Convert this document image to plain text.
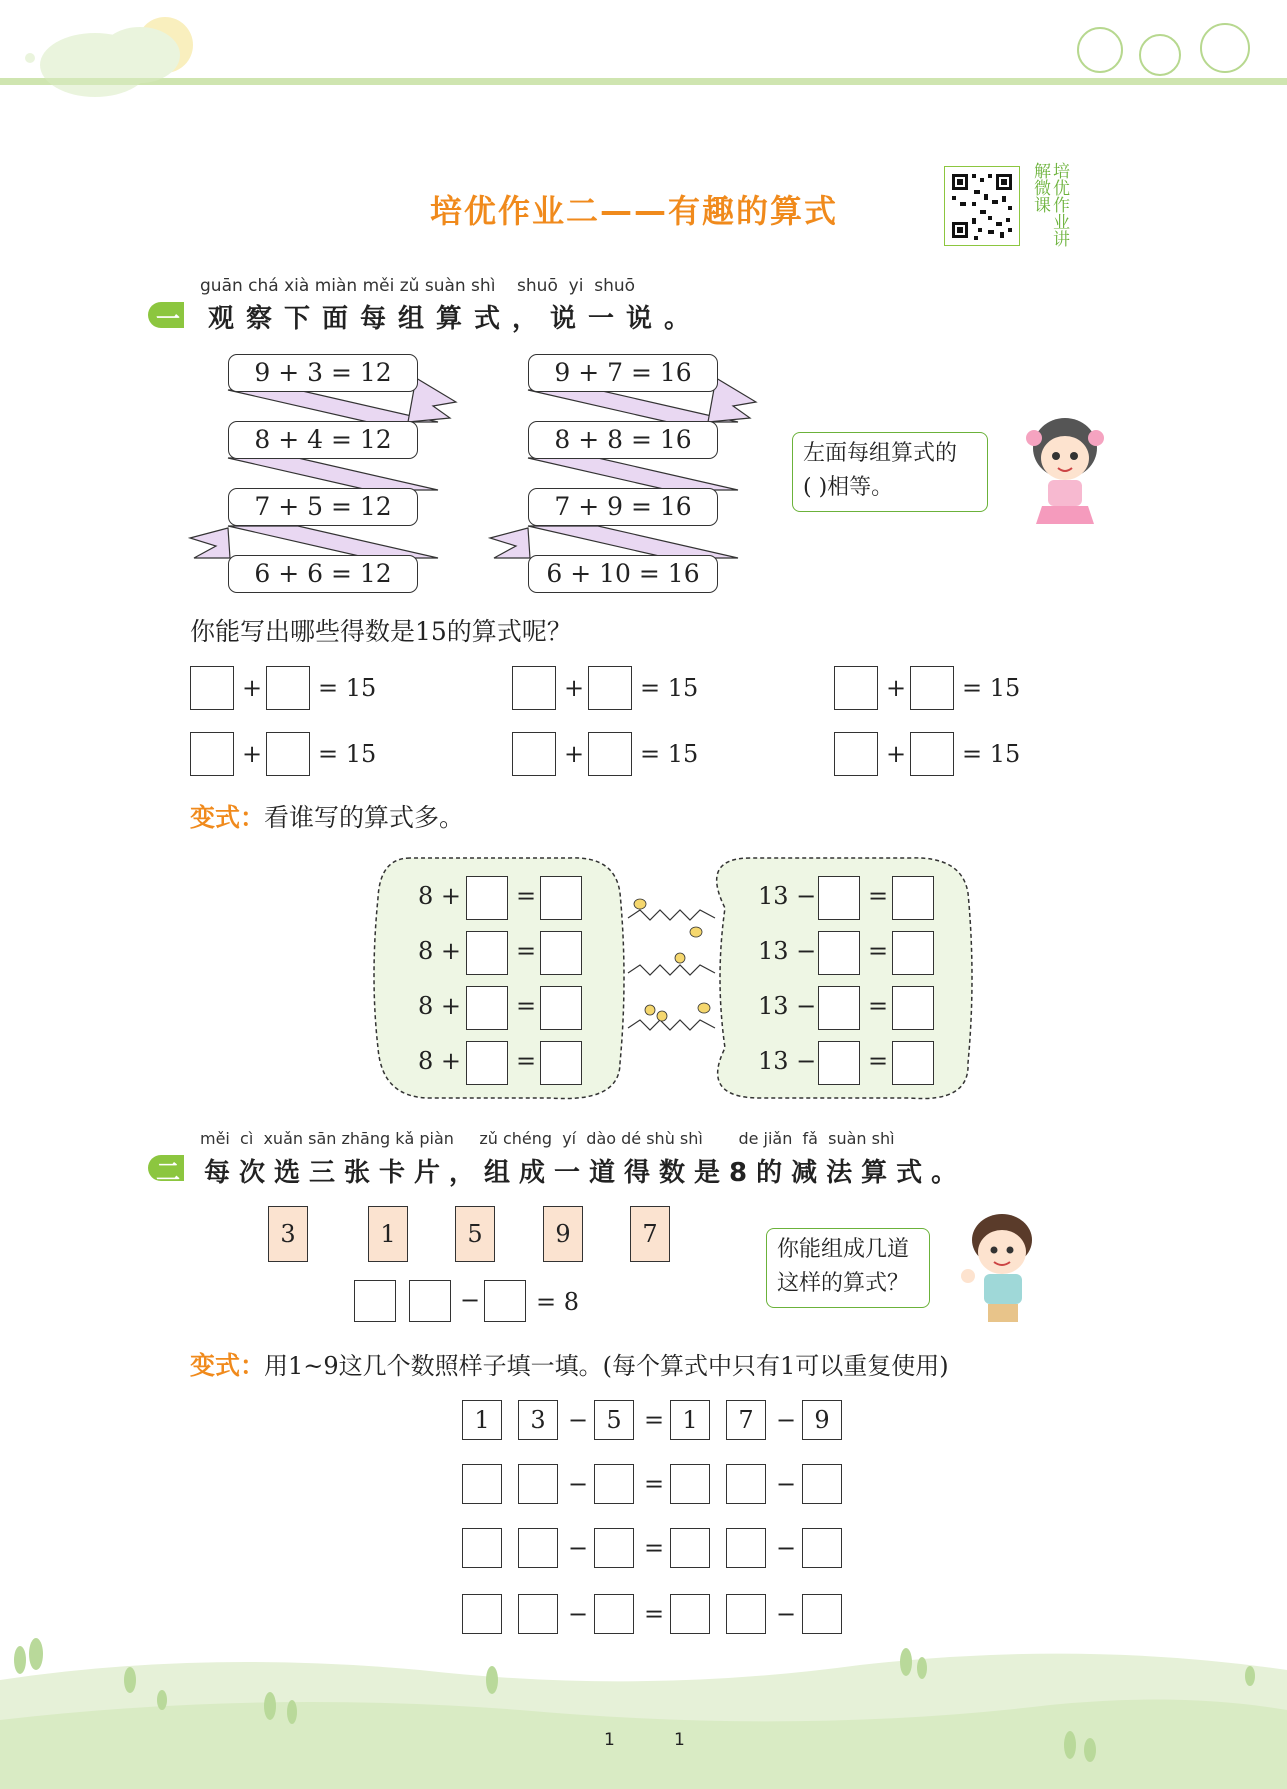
培优作业二——有趣的算式	培优作业讲解微课
一
guān chá xià miàn měi zǔ suàn shì    shuō  yi  shuō
观察下面每组算式，说一说。
9 + 3 = 12
8 + 4 = 12
7 + 5 = 12
6 + 6 = 12
9 + 7 = 16
8 + 8 = 16
7 + 9 = 16
6 + 10 = 16
左面每组算式的
( )相等。
你能写出哪些得数是15的算式呢？
+ = 15	+ = 15	+ = 15
+ = 15	+ = 15	+ = 15
变式：
看谁写的算式多。
8 + =
8 + =
8 + =
8 + =
13 − =
13 − =
13 − =
13 − =
二
měi  cì  xuǎn sān zhāng kǎ piàn     zǔ chéng  yí  dào dé shù shì       de jiǎn  fǎ  suàn shì
每次选三张卡片，组成一道得数是8的减法算式。
3	1	5	9	7
− = 8
你能组成几道
这样的算式？
变式：
用1~9这几个数照样子填一填。(每个算式中只有1可以重复使用)
1	3 − 5 = 1	7 − 9
− =	−
− =	−
− =	−
1	1
